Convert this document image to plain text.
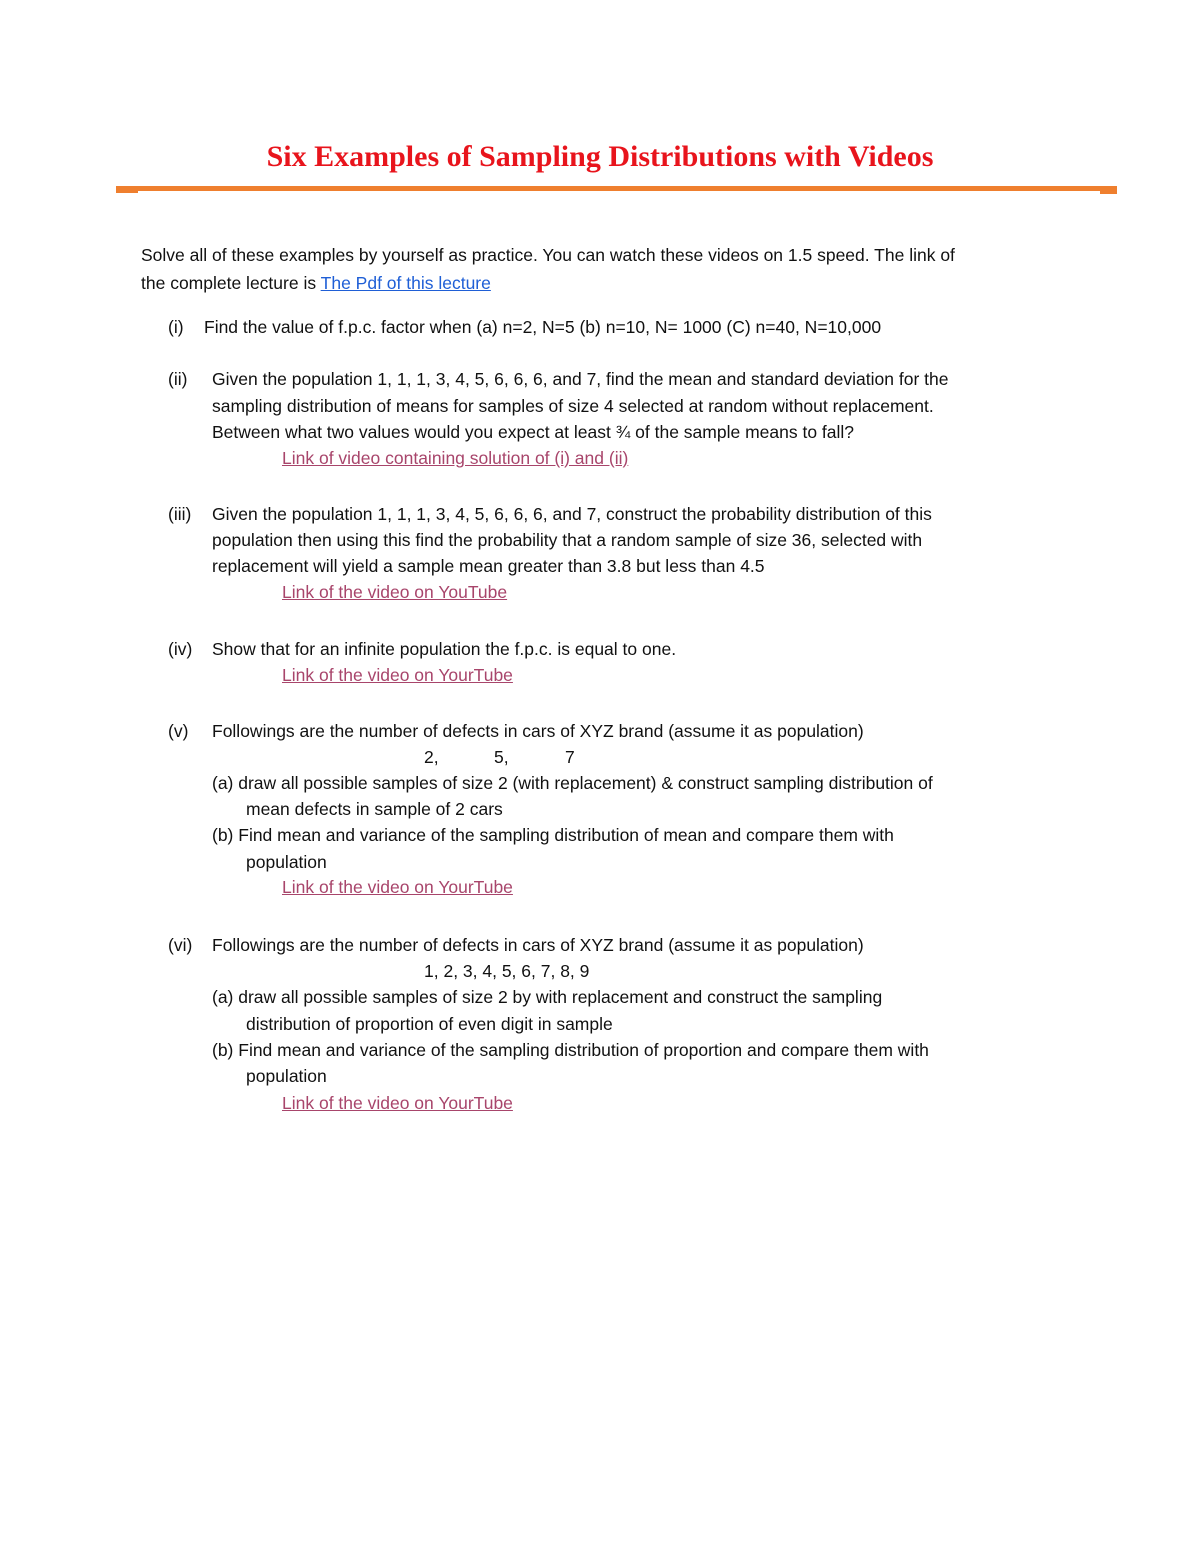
Six Examples of Sampling Distributions with Videos
Solve all of these examples by yourself as practice. You can watch these videos on 1.5 speed. The link of
the complete lecture is The Pdf of this lecture
(i) Find the value of f.p.c. factor when (a) n=2, N=5 (b) n=10, N= 1000 (C) n=40, N=10,000
(ii) Given the population 1, 1, 1, 3, 4, 5, 6, 6, 6, and 7, find the mean and standard deviation for the
sampling distribution of means for samples of size 4 selected at random without replacement.
Between what two values would you expect at least ¾ of the sample means to fall?
Link of video containing solution of (i) and (ii)
(iii) Given the population 1, 1, 1, 3, 4, 5, 6, 6, 6, and 7, construct the probability distribution of this
population then using this find the probability that a random sample of size 36, selected with
replacement will yield a sample mean greater than 3.8 but less than 4.5
Link of the video on YouTube
(iv) Show that for an infinite population the f.p.c. is equal to one.
Link of the video on YourTube
(v) Followings are the number of defects in cars of XYZ brand (assume it as population)
2,	5,	7
(a) draw all possible samples of size 2 (with replacement) & construct sampling distribution of
mean defects in sample of 2 cars
(b) Find mean and variance of the sampling distribution of mean and compare them with
population
Link of the video on YourTube
(vi) Followings are the number of defects in cars of XYZ brand (assume it as population)
1, 2, 3, 4, 5, 6, 7, 8, 9
(a) draw all possible samples of size 2 by with replacement and construct the sampling
distribution of proportion of even digit in sample
(b) Find mean and variance of the sampling distribution of proportion and compare them with
population
Link of the video on YourTube
